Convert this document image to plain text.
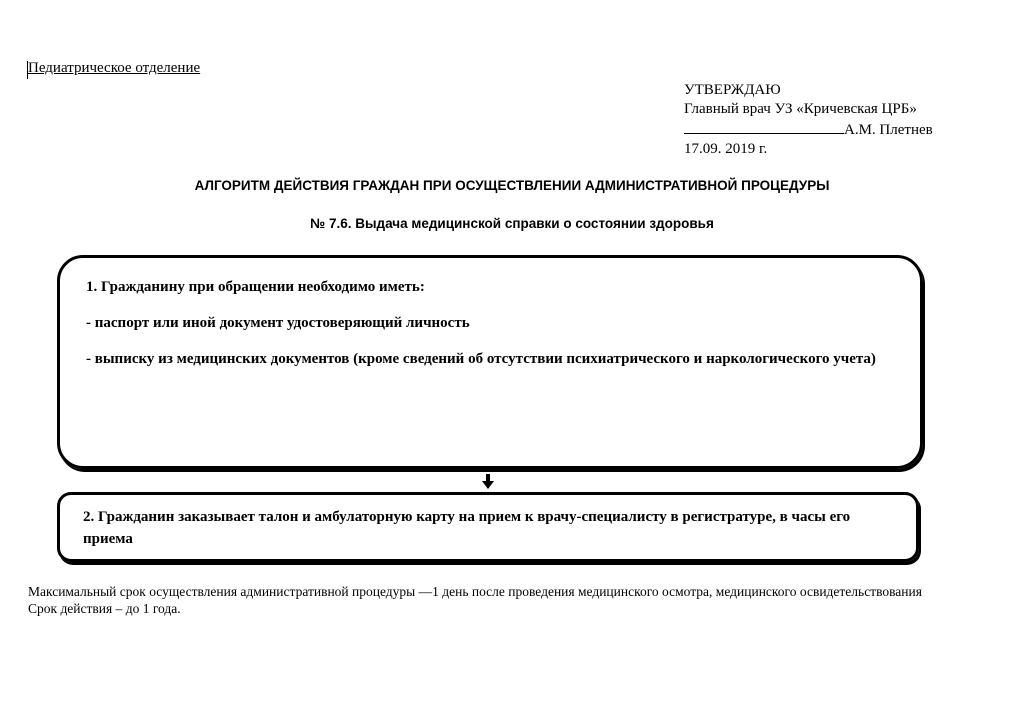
Педиатрическое отделение
УТВЕРЖДАЮ
Главный врач УЗ «Кричевская ЦРБ»
А.М. Плетнев
17.09. 2019 г.
АЛГОРИТМ ДЕЙСТВИЯ ГРАЖДАН ПРИ ОСУЩЕСТВЛЕНИИ АДМИНИСТРАТИВНОЙ ПРОЦЕДУРЫ
№ 7.6. Выдача медицинской справки о состоянии здоровья

1. Гражданину при обращении необходимо иметь:

- паспорт или иной документ удостоверяющий личность

- выписку из медицинских документов (кроме сведений об отсутствии психиатрического и наркологического учета)

2. Гражданин заказывает талон и амбулаторную карту на прием к врачу-специалисту в регистратуре, в часы его приема
Максимальный срок осуществления административной процедуры —1 день после проведения медицинского осмотра, медицинского освидетельствования
Срок действия – до 1 года.
